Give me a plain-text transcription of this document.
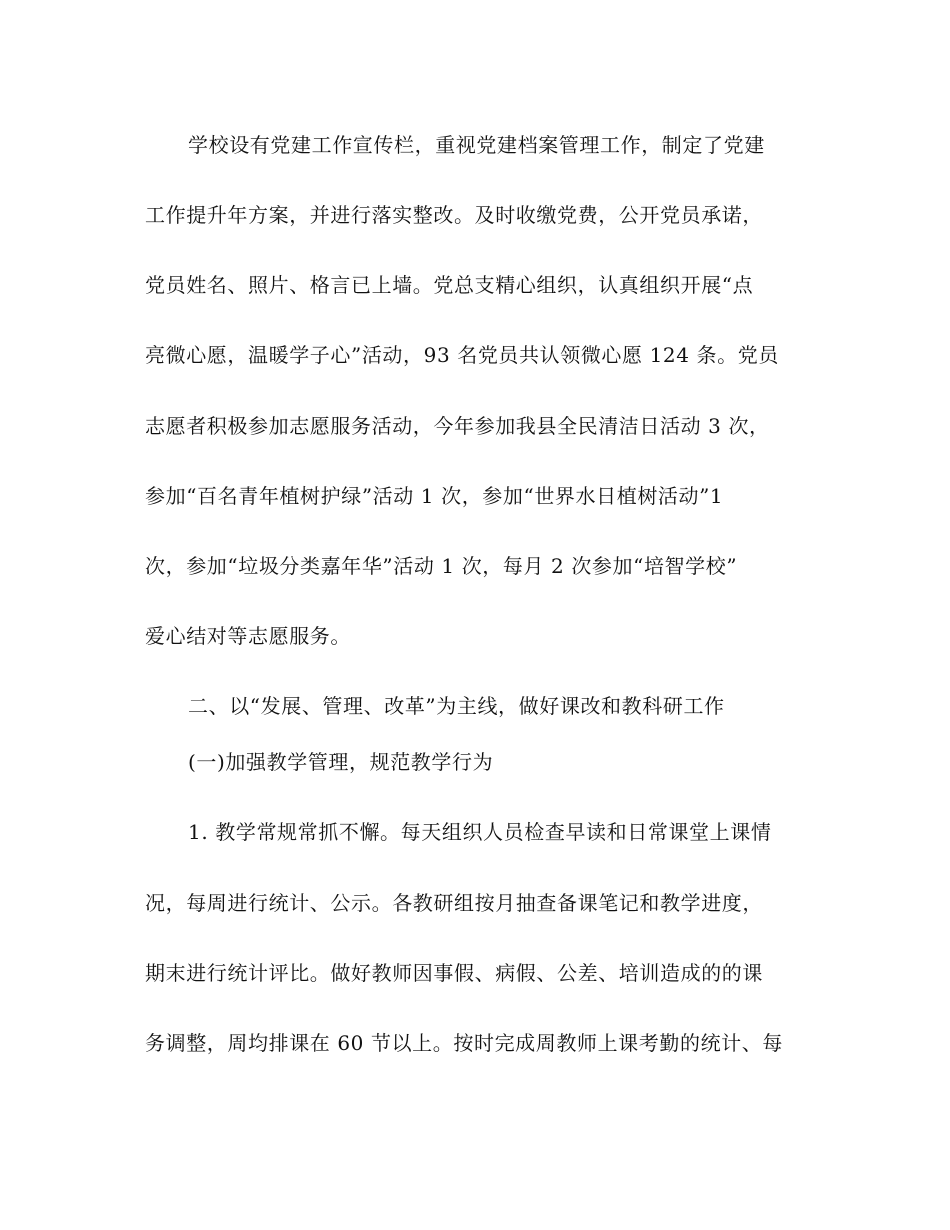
学校设有党建工作宣传栏，重视党建档案管理工作，制定了党建
工作提升年方案，并进行落实整改。及时收缴党费，公开党员承诺，
党员姓名、照片、格言已上墙。党总支精心组织，认真组织开展“点
亮微心愿，温暖学子心”活动，93 名党员共认领微心愿 124 条。党员
志愿者积极参加志愿服务活动，今年参加我县全民清洁日活动 3 次，
参加“百名青年植树护绿”活动 1 次，参加“世界水日植树活动”1
次，参加“垃圾分类嘉年华”活动 1 次，每月 2 次参加“培智学校”
爱心结对等志愿服务。
二、以“发展、管理、改革”为主线，做好课改和教科研工作
(一)加强教学管理，规范教学行为
1. 教学常规常抓不懈。每天组织人员检查早读和日常课堂上课情
况，每周进行统计、公示。各教研组按月抽查备课笔记和教学进度，
期末进行统计评比。做好教师因事假、病假、公差、培训造成的的课
务调整，周均排课在 60 节以上。按时完成周教师上课考勤的统计、每
